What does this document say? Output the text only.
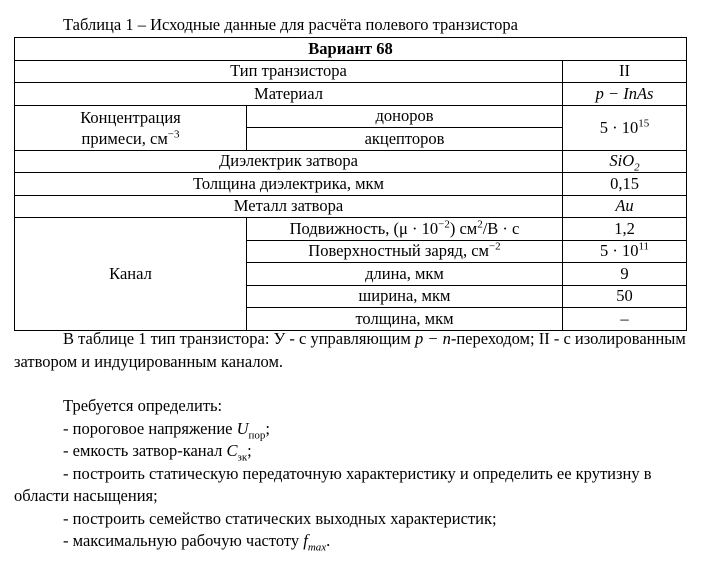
Таблица 1 – Исходные данные для расчёта полевого транзистора
Вариант 68		
Тип транзистора		II
Материал		p − InAs
Концентрация
примеси, $см^{-3}$	доноров	$5 \cdot 10^{15}$
	акцепторов	
Диэлектрик затвора		SiO$_2$
Толщина диэлектрика, мкм		0,15
Металл затвора		Au
Канал	Подвижность, $(\mu \cdot 10^{-2})$ $см^2/В \cdot с$	1,2
	Поверхностный заряд, $см^{-2}$	$5 \cdot 10^{11}$
	длина, мкм	9
	ширина, мкм	50
	толщина, мкм	–

В таблице 1 тип транзистора: У - с управляющим p − n-переходом; II - с изолированным затвором и индуцированным каналом.

Требуется определить:

- пороговое напряжение $U_{пор}$;

- емкость затвор-канал $C_{зк}$;

- построить статическую передаточную характеристику и определить ее крутизну в области насыщения;

- построить семейство статических выходных характеристик;

- максимальную рабочую частоту $f_{max}$.
